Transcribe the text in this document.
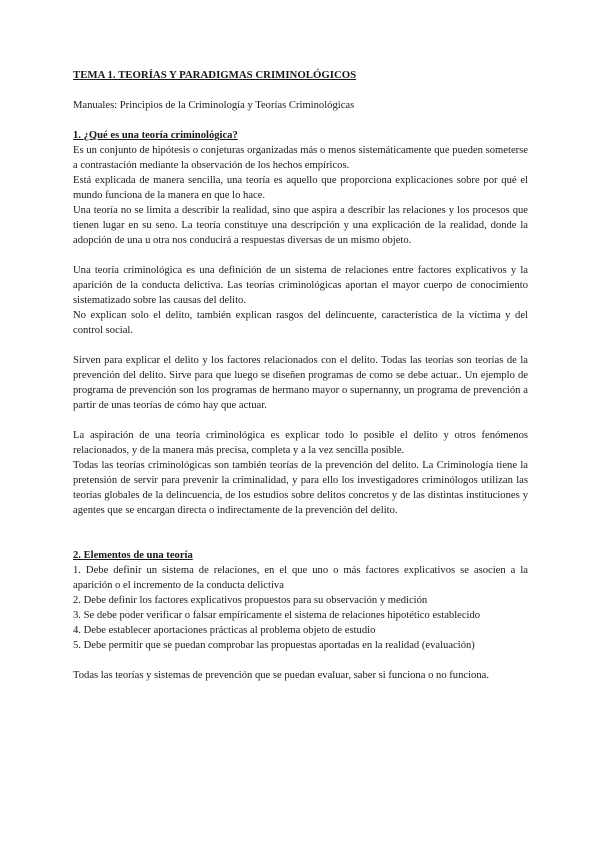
TEMA 1. TEORÍAS Y PARADIGMAS CRIMINOLÓGICOS
Manuales: Principios de la Criminología y Teorías Criminológicas
1. ¿Qué es una teoría criminológica?

Es un conjunto de hipótesis o conjeturas organizadas más o menos sistemáticamente que pueden someterse a contrastación mediante la observación de los hechos empíricos.

Está explicada de manera sencilla, una teoría es aquello que proporciona explicaciones sobre por qué el mundo funciona de la manera en que lo hace.

Una teoría no se limita a describir la realidad, sino que aspira a describir las relaciones y los procesos que tienen lugar en su seno. La teoría constituye una descripción y una explicación de la realidad, donde la adopción de una u otra nos conducirá a respuestas diversas de un mismo objeto.

Una teoría criminológica es una definición de un sistema de relaciones entre factores explicativos y la aparición de la conducta delictiva. Las teorías criminológicas aportan el mayor cuerpo de conocimiento sistematizado sobre las causas del delito.

No explican solo el delito, también explican rasgos del delincuente, característica de la víctima y del control social.

Sirven para explicar el delito y los factores relacionados con el delito. Todas las teorías son teorías de la prevención del delito. Sirve para que luego se diseñen programas de como se debe actuar.. Un ejemplo de programa de prevención son los programas de hermano mayor o supernanny, un programa de prevención a partir de unas teorías de cómo hay que actuar.

La aspiración de una teoría criminológica es explicar todo lo posible el delito y otros fenómenos relacionados, y de la manera más precisa, completa y a la vez sencilla posible.

Todas las teorías criminológicas son también teorías de la prevención del delito. La Criminología tiene la pretensión de servir para prevenir la criminalidad, y para ello los investigadores criminólogos utilizan las teorías globales de la delincuencia, de los estudios sobre delitos concretos y de las distintas instituciones y agentes que se encargan directa o indirectamente de la prevención del delito.

2. Elementos de una teoría
1. Debe definir un sistema de relaciones, en el que uno o más factores explicativos se asocien a la aparición o el incremento de la conducta delictiva
2. Debe definir los factores explicativos propuestos para su observación y medición
3. Se debe poder verificar o falsar empíricamente el sistema de relaciones hipotético establecido
4. Debe establecer aportaciones prácticas al problema objeto de estudio
5. Debe permitir que se puedan comprobar las propuestas aportadas en la realidad (evaluación)

Todas las teorías y sistemas de prevención que se puedan evaluar, saber si funciona o no funciona.
